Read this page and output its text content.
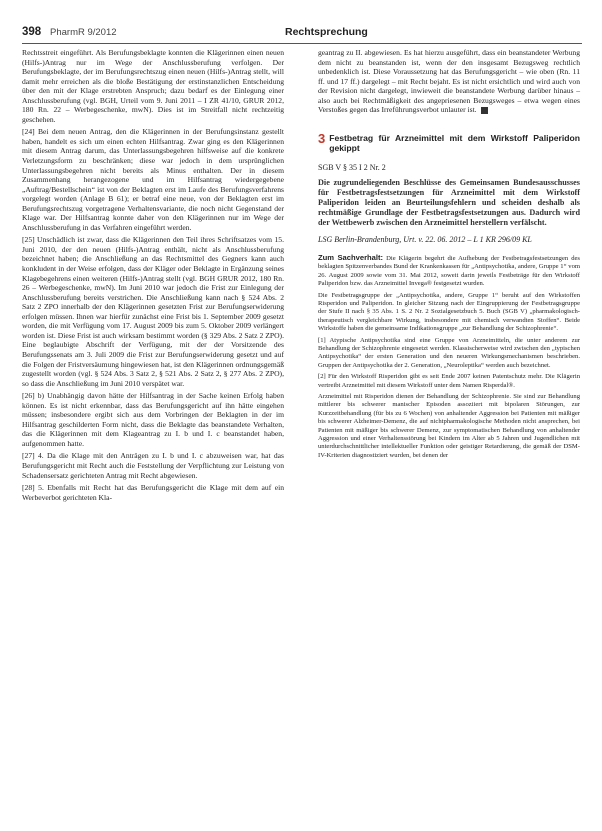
398 PharmR 9/2012	Rechtsprechung

Rechtsstreit eingeführt. Als Berufungsbeklagte konnten die Klägerinnen einen neuen (Hilfs-)Antrag nur im Wege der Anschlussberufung verfolgen. Der Berufungsbeklagte, der im Berufungsrechtszug einen neuen (Hilfs-)Antrag stellt, will damit mehr erreichen als die bloße Bestätigung der erstinstanzlichen Entscheidung über den mit der Klage erstrebten Anspruch; dazu bedarf es der Einlegung einer Anschlussberufung (vgl. BGH, Urteil vom 9. Juni 2011 – I ZR 41/10, GRUR 2012, 180 Rn. 22 – Werbegeschenke, mwN). Dies ist im Streitfall nicht rechtzeitig geschehen.

[24] Bei dem neuen Antrag, den die Klägerinnen in der Berufungsinstanz gestellt haben, handelt es sich um einen echten Hilfsantrag. Zwar ging es den Klägerinnen mit diesem Antrag darum, das Unterlassungsbegehren hilfsweise auf die konkrete Verletzungsform zu beschränken; diese war jedoch in dem ursprünglichen Unterlassungsbegehren nicht bereits als Minus enthalten. Der in diesem Zusammenhang herangezogene und im Hilfsantrag wiedergegebene „Auftrag/Bestellschein“ ist von der Beklagten erst im Laufe des Berufungsverfahrens vorgelegt worden (Anlage B 61); er betraf eine neue, von der Beklagten erst im Berufungsrechtszug vorgetragene Verhaltensvariante, die noch nicht Gegenstand der Klage war. Der Hilfsantrag konnte daher von den Klägerinnen nur im Wege der Anschlussberufung in das Verfahren eingeführt werden.

[25] Unschädlich ist zwar, dass die Klägerinnen den Teil ihres Schriftsatzes vom 15. Juni 2010, der den neuen (Hilfs-)Antrag enthält, nicht als Anschlussberufung bezeichnet haben; die Anschließung an das Rechtsmittel des Gegners kann auch konkludent in der Weise erfolgen, dass der Kläger oder Beklagte in Ergänzung seines Klagebegehrens einen weiteren (Hilfs-)Antrag stellt (vgl. BGH GRUR 2012, 180 Rn. 26 – Werbegeschenke, mwN). Im Juni 2010 war jedoch die Frist zur Einlegung der Anschlussberufung bereits verstrichen. Die Anschließung kann nach § 524 Abs. 2 Satz 2 ZPO innerhalb der den Klägerinnen gesetzten Frist zur Berufungserwiderung erfolgen müssen. Ihnen war hierfür zunächst eine Frist bis 1. September 2009 gesetzt worden, die mit Verfügung vom 17. August 2009 bis zum 5. Oktober 2009 verlängert worden ist. Diese Frist ist auch wirksam bestimmt worden (§ 329 Abs. 2 Satz 2 ZPO). Eine beglaubigte Abschrift der Verfügung, mit der der Vorsitzende des Berufungssenats am 3. Juli 2009 die Frist zur Berufungserwiderung gesetzt und auf die Folgen der Fristversäumung hingewiesen hat, ist den Klägerinnen ordnungsgemäß zugestellt worden (vgl. § 524 Abs. 3 Satz 2, § 521 Abs. 2 Satz 2, § 277 Abs. 2 ZPO), so dass die Anschließung im Juni 2010 verspätet war.

[26] b) Unabhängig davon hätte der Hilfsantrag in der Sache keinen Erfolg haben können. Es ist nicht erkennbar, dass das Berufungsgericht auf ihn hätte eingehen müssen; insbesondere ergibt sich aus dem Vorbringen der Beklagten in der im Hilfsantrag geschilderten Form nicht, dass die Beklagte das beanstandete Verhalten, das die Klägerinnen mit dem Klageantrag zu I. b und I. c beanstandet haben, aufgenommen hatte.

[27] 4. Da die Klage mit den Anträgen zu I. b und I. c abzuweisen war, hat das Berufungsgericht mit Recht auch die Feststellung der Verpflichtung zur Leistung von Schadensersatz gerichteten Antrag mit Recht abgewiesen.

[28] 5. Ebenfalls mit Recht hat das Berufungsgericht die Klage mit dem auf ein Werbeverbot gerichteten Kla-

geantrag zu II. abgewiesen. Es hat hierzu ausgeführt, dass ein beanstandeter Werbung dem nicht zu beanstanden ist, wenn der den insgesamt Bezugsweg rechtlich unbedenklich ist. Diese Voraussetzung hat das Berufungsgericht – wie oben (Rn. 11 ff. und 17 ff.) dargelegt – mit Recht bejaht. Es ist nicht ersichtlich und wird auch von der Revision nicht dargelegt, inwieweit die beanstandete Werbung darüber hinaus – also auch bei Rechtmäßigkeit des angepriesenen Bezugsweges – etwa wegen eines Verstoßes gegen das Irreführungsverbot unlauter ist.

3 Festbetrag für Arzneimittel mit dem Wirkstoff Paliperidon gekippt
SGB V § 35 I 2 Nr. 2
Die zugrundeliegenden Beschlüsse des Gemeinsamen Bundesausschusses für Festbetragsfestsetzungen für Arzneimittel mit dem Wirkstoff Paliperidon leiden an Beurteilungsfehlern und scheiden deshalb als rechtmäßige Grundlage der Festbetragsfestsetzungen aus. Dadurch wird der Wettbewerb zwischen den Arzneimittel herstellern verfälscht.
LSG Berlin-Brandenburg, Urt. v. 22. 06. 2012 – L 1 KR 296/09 KL

Zum Sachverhalt: Die Klägerin begehrt die Aufhebung der Festbetragsfestsetzungen des beklagten Spitzenverbandes Bund der Krankenkassen für „Antipsychotika, andere, Gruppe 1“ vom 26. August 2009 sowie vom 31. Mai 2012, soweit darin jeweils Festbeträge für den Wirkstoff Paliperidon bzw. das Arzneimittel Invega® festgesetzt wurden.

Die Festbetragsgruppe der „Antipsychotika, andere, Gruppe 1“ beruht auf den Wirkstoffen Risperidon und Paliperidon. In gleicher Sitzung nach der Eingruppierung der Festbetragsgruppe der Stufe II nach § 35 Abs. 1 S. 2 Nr. 2 Sozialgesetzbuch 5. Buch (SGB V) „pharmakologisch-therapeutisch vergleichbare Wirkung, insbesondere mit chemisch verwandten Stoffen“. Beide Wirkstoffe haben die gemeinsame Indikationsgruppe „zur Behandlung der Schizophrenie“.

[1] Atypische Antipsychotika sind eine Gruppe von Arzneimitteln, die unter anderem zur Behandlung der Schizophrenie eingesetzt werden. Klassischerweise wird zwischen den „typischen Antipsychotika“ der ersten Generation und den neueren Wirkungsmechanismen beschrieben. Gruppen der Antipsychotika der 2. Generation, „Neuroleptika“ werden auch bezeichnet.

[2] Für den Wirkstoff Risperidon gibt es seit Ende 2007 keinen Patentschutz mehr. Die Klägerin vertreibt Arzneimittel mit diesem Wirkstoff unter dem Namen Risperdal®.

Arzneimittel mit Risperidon dienen der Behandlung der Schizophrenie. Sie sind zur Behandlung mittlerer bis schwerer manischer Episoden assoziiert mit bipolaren Störungen, zur Kurzzeitbehandlung (für bis zu 6 Wochen) von anhaltender Aggression bei Patienten mit mäßiger bis schwerer Alzheimer-Demenz, die auf nichtpharmakologische Methoden nicht ansprechen, bei Patienten mit mäßiger bis schwerer Demenz, zur symptomatischen Behandlung von anhaltender Aggression und einer Verhaltensstörung bei Kindern im Alter ab 5 Jahren und Jugendlichen mit unterdurchschnittlicher intellektueller Funktion oder geistiger Retardierung, die gemäß der DSM-IV-Kriterien diagnostiziert wurden, bei denen der
